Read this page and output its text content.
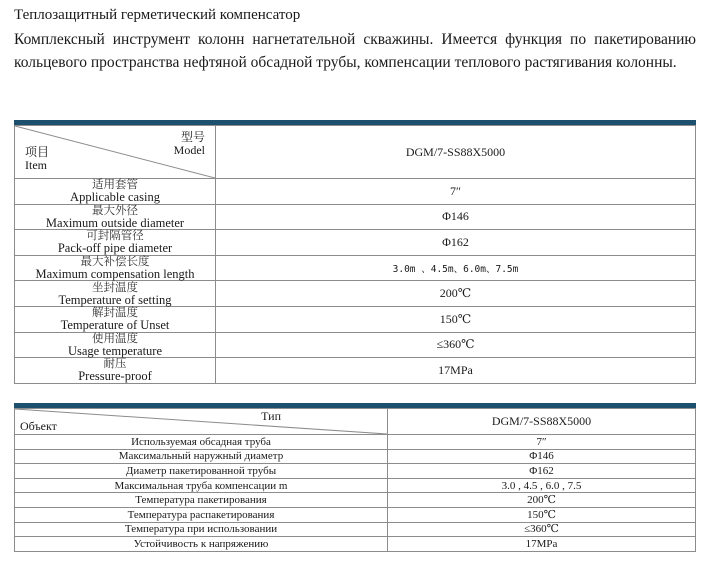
Теплозащитный герметический компенсатор
Комплексный инструмент колонн нагнетательной скважины. Имеется функция по пакетированию кольцевого пространства нефтяной обсадной трубы, компенсации теплового растягивания колонны.
型号
Model
项目
Item	DGM/7-SS88X5000

适用套管
Applicable casing	7″

最大外径
Maximum outside diameter	Φ146

可封隔管径
Pack-off pipe diameter	Φ162

最大补偿长度
Maximum compensation length	3.0m 、4.5m、6.0m、7.5m

坐封温度
Temperature of setting	200℃

解封温度
Temperature of Unset	150℃

使用温度
Usage temperature	≤360℃

耐压
Pressure-proof	17MPa
Тип
Объект	DGM/7-SS88X5000
Используемая обсадная труба	7″
Максимальный наружный диаметр	Φ146
Диаметр пакетированной трубы	Φ162
Максимальная труба компенсации m	3.0 , 4.5 , 6.0 , 7.5
Температура пакетирования	200℃
Температура распакетирования	150℃
Температура при использовании	≤360℃
Устойчивость к напряжению	17MPa
